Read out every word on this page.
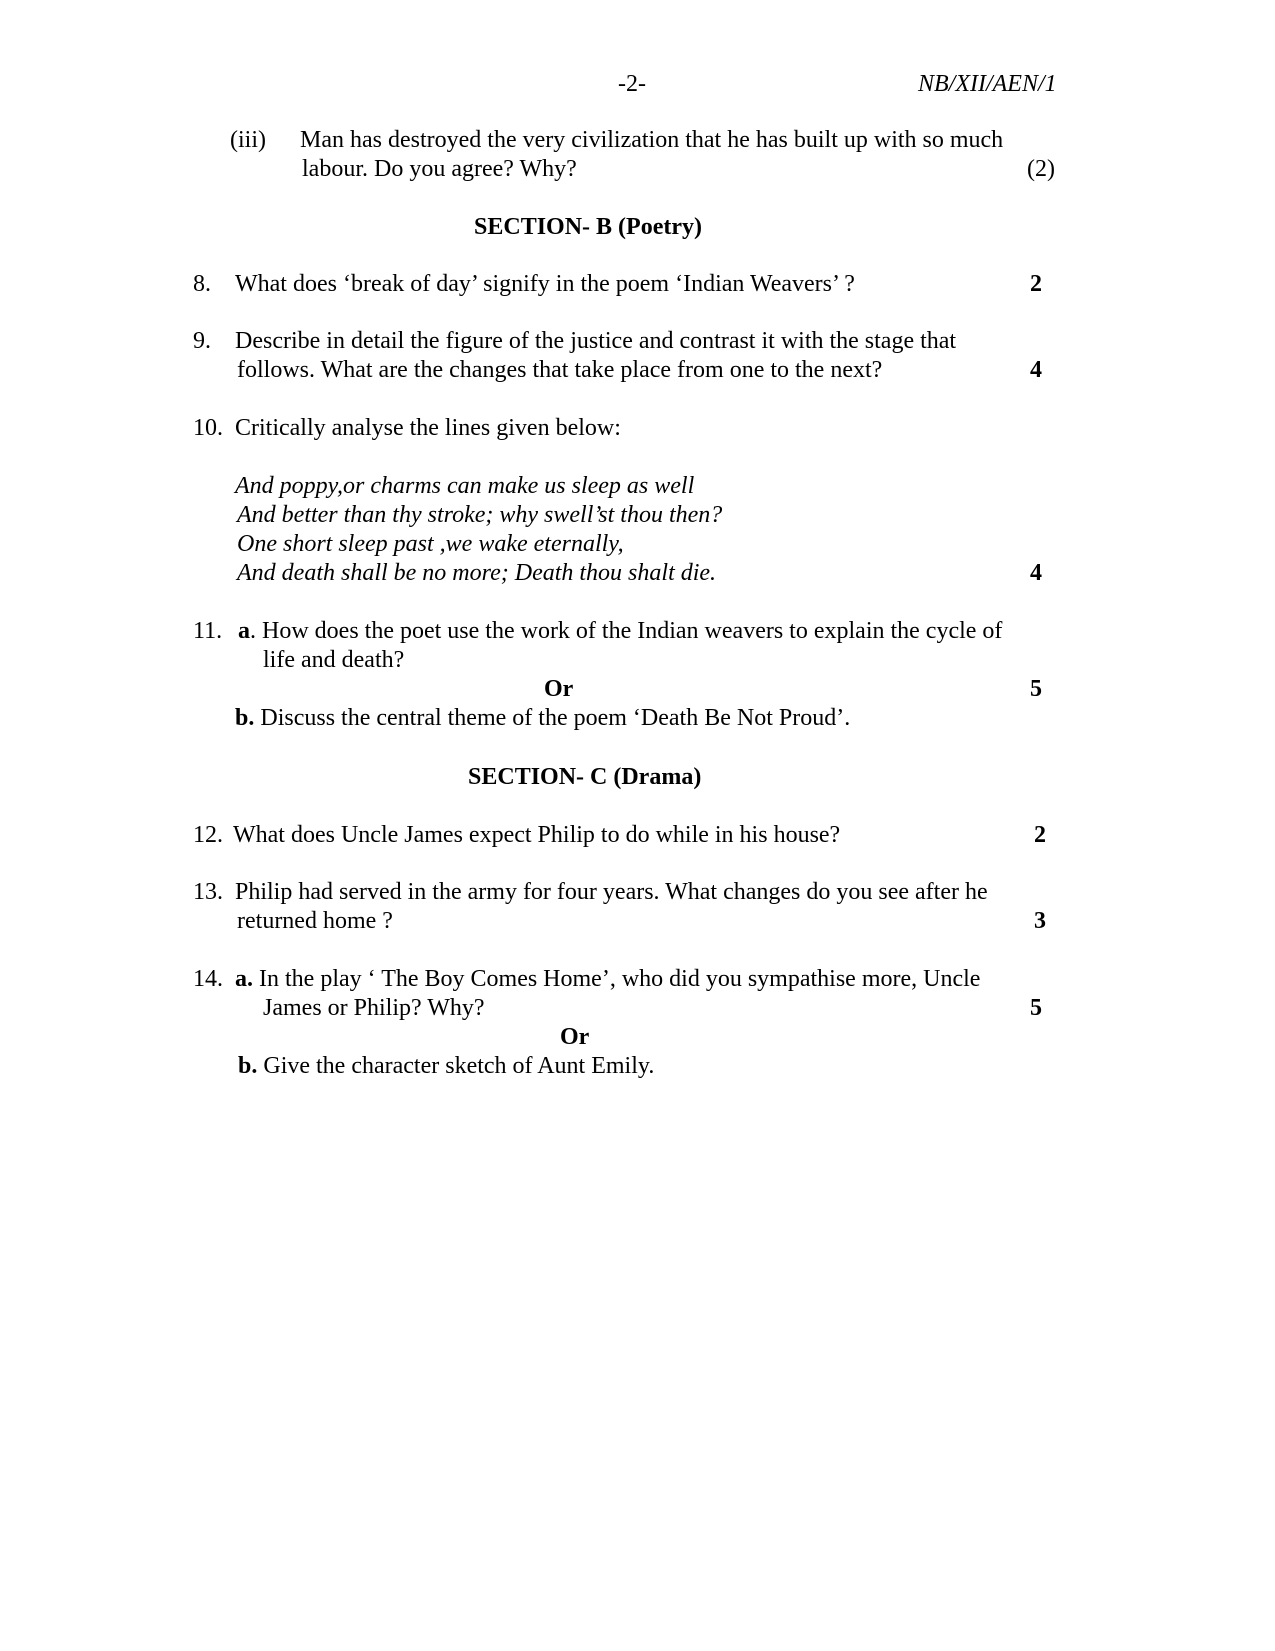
-2-	NB/XII/AEN/1
(iii) Man has destroyed the very civilization that he has built up with so much
labour. Do you agree? Why?	(2)
SECTION- B (Poetry)
8. What does ‘break of day’ signify in the poem ‘Indian Weavers’ ?	2
9. Describe in detail the figure of the justice and contrast it with the stage that
follows. What are the changes that take place from one to the next?	4
10. Critically analyse the lines given below:
And poppy,or charms can make us sleep as well
And better than thy stroke; why swell’st thou then?
One short sleep past ,we wake eternally,
And death shall be no more; Death thou shalt die.	4
11. a. How does the poet use the work of the Indian weavers to explain the cycle of
life and death?
Or	5
b. Discuss the central theme of the poem ‘Death Be Not Proud’.
SECTION- C (Drama)
12. What does Uncle James expect Philip to do while in his house?	2
13. Philip had served in the army for four years. What changes do you see after he
returned home ?	3
14. a. In the play ‘ The Boy Comes Home’, who did you sympathise more, Uncle
James or Philip? Why?	5
Or
b. Give the character sketch of Aunt Emily.
